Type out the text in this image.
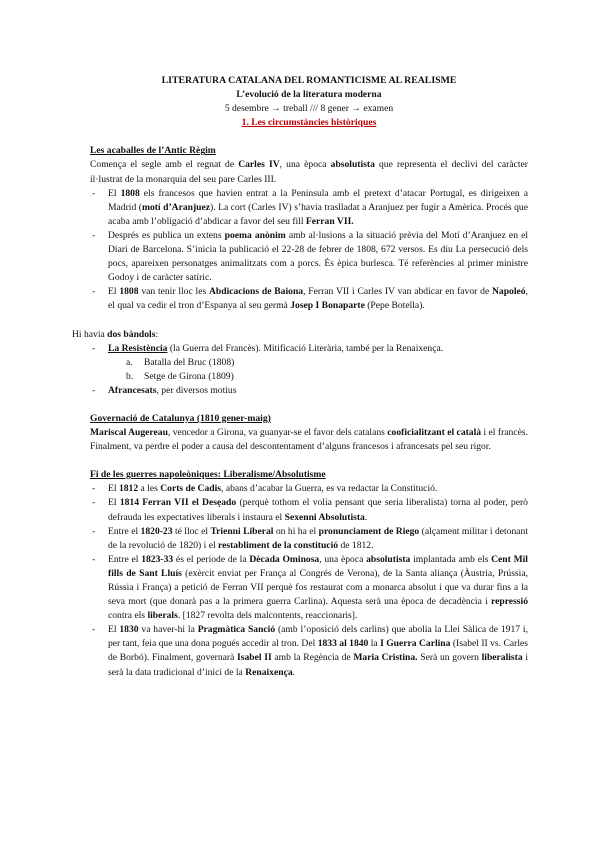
LITERATURA CATALANA DEL ROMANTICISME AL REALISME
L’evolució de la literatura moderna
5 desembre → treball /// 8 gener → examen
1. Les circumstàncies històriques
Les acaballes de l’Antic Règim
Comença el segle amb el regnat de Carles IV, una època absolutista que representa el declivi del caràcter il·lustrat de la monarquia del seu pare Carles III.
- El 1808 els francesos que havien entrat a la Península amb el pretext d’atacar Portugal, es dirigeixen a Madrid (motí d’Aranjuez). La cort (Carles IV) s’havia traslladat a Aranjuez per fugir a Amèrica. Procés que acaba amb l’obligació d’abdicar a favor del seu fill Ferran VII.
- Després es publica un extens poema anònim amb al·lusions a la situació prèvia del Motí d’Aranjuez en el Diari de Barcelona. S’inicia la publicació el 22-28 de febrer de 1808, 672 versos. Es diu La persecució dels pocs, apareixen personatges animalitzats com a porcs. És èpica burlesca. Té referències al primer ministre Godoy i de caràcter satíric.
- El 1808 van tenir lloc les Abdicacions de Baiona, Ferran VII i Carles IV van abdicar en favor de Napoleó, el qual va cedir el tron d’Espanya al seu germà Josep I Bonaparte (Pepe Botella).
Hi havia dos bàndols:
- La Resistència (la Guerra del Francès). Mitificació Literària, també per la Renaixença.
a. Batalla del Bruc (1808)
b. Setge de Girona (1809)
- Afrancesats, per diversos motius
Governació de Catalunya (1810 gener-maig)
Mariscal Augereau, vencedor a Girona, va guanyar-se el favor dels catalans cooficialitzant el català i el francès. Finalment, va perdre el poder a causa del descontentament d’alguns francesos i afrancesats pel seu rigor.
Fi de les guerres napoleòniques: Liberalisme/Absolutisme
- El 1812 a les Corts de Cadis, abans d’acabar la Guerra, es va redactar la Constitució.
- El 1814 Ferran VII el Desẹado (perquè tothom el volia pensant que seria liberalista) torna al poder, però defrauda les expectatives liberals i instaura el Sexenni Absolutista.
- Entre el 1820-23 té lloc el Trienni Liberal on hi ha el pronunciament de Riego (alçament militar i detonant de la revolució de 1820) i el restabliment de la constitució de 1812.
- Entre el 1823-33 és el període de la Dècada Ominosa, una època absolutista implantada amb els Cent Mil fills de Sant Lluís (exèrcit enviat per França al Congrés de Verona), de la Santa aliança (Àustria, Prússia, Rússia i França) a petició de Ferran VII perquè fos restaurat com a monarca absolut i que va durar fins a la seva mort (que donarà pas a la primera guerra Carlina). Aquesta serà una època de decadència i repressió contra els liberals. [1827 revolta dels malcontents, reaccionaris].
- El 1830 va haver-hi la Pragmàtica Sanció (amb l’oposició dels carlins) que abolia la Llei Sàlica de 1917 i, per tant, feia que una dona pogués accedir al tron. Del 1833 al 1840 la I Guerra Carlina (Isabel II vs. Carles de Borbó). Finalment, governarà Isabel II amb la Regència de Maria Cristina. Serà un govern liberalista i serà la data tradicional d’inici de la Renaixença.
